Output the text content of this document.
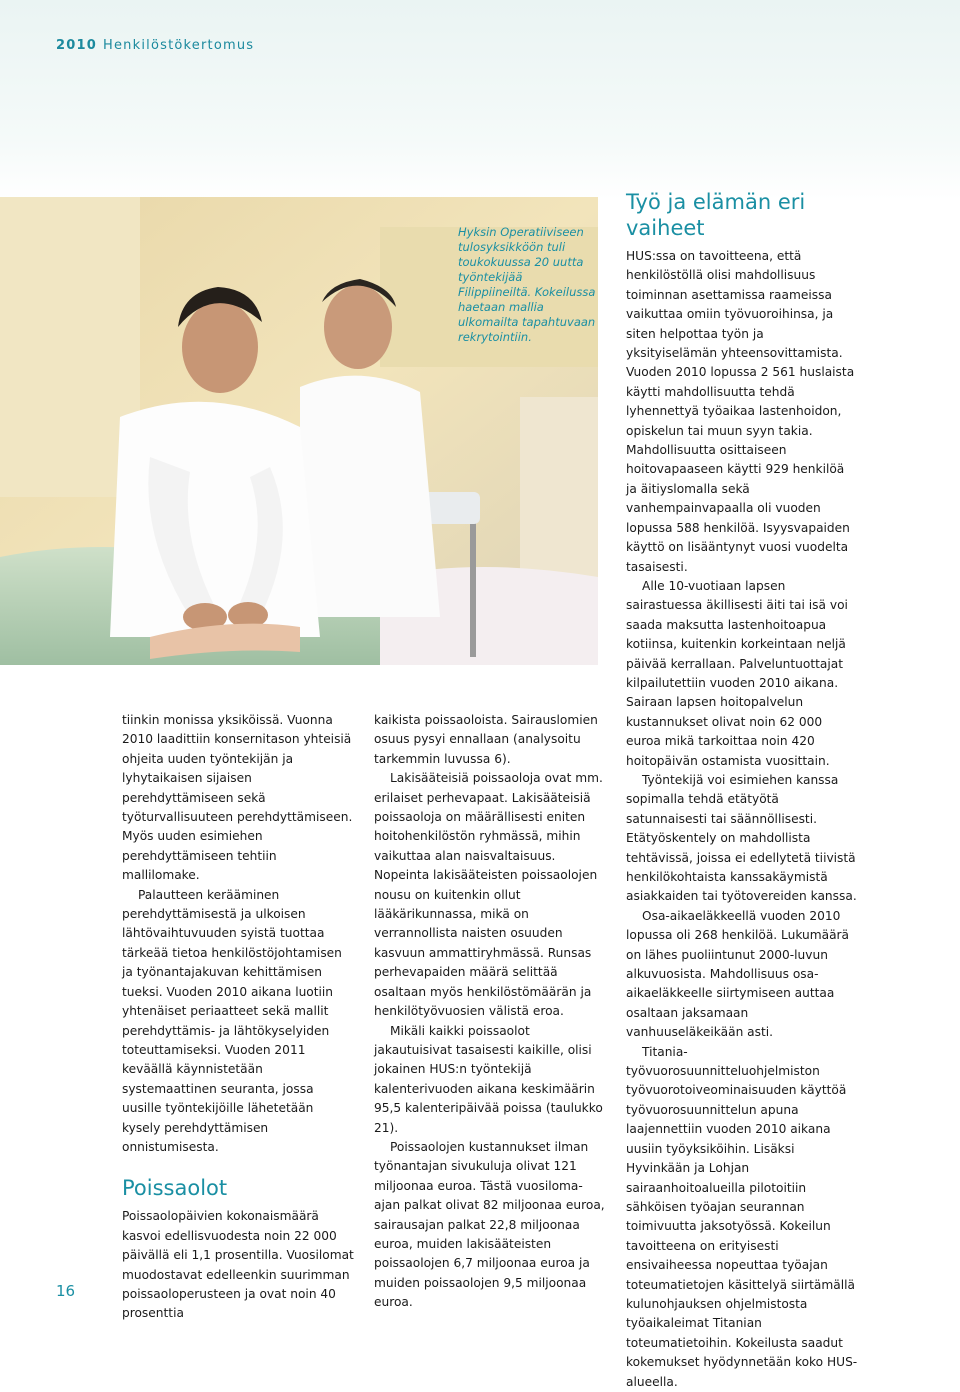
2010 Henkilöstökertomus
Hyksin Operatiiviseen tulosyksikköön tuli toukokuussa 20 uutta työntekijää Filippiineiltä. Kokeilussa haetaan mallia ulkomailta tapahtuvaan rekrytointiin.

tiinkin monissa yksiköissä. Vuonna 2010 laadittiin konsernitason yhteisiä ohjeita uuden työntekijän ja lyhytaikaisen sijaisen perehdyttämiseen sekä työturvallisuuteen perehdyttämiseen. Myös uuden esimiehen perehdyttämiseen tehtiin mallilomake.

Palautteen kerääminen perehdyttämisestä ja ulkoisen lähtövaihtuvuuden syistä tuottaa tärkeää tietoa henkilöstöjohtamisen ja työnantajakuvan kehittämisen tueksi. Vuoden 2010 aikana luotiin yhtenäiset periaatteet sekä mallit perehdyttämis- ja lähtökyselyiden toteuttamiseksi. Vuoden 2011 keväällä käynnistetään systemaattinen seuranta, jossa uusille työntekijöille lähetetään kysely perehdyttämisen onnistumisesta.

Poissaolot

Poissaolopäivien kokonaismäärä kasvoi edellisvuodesta noin 22 000 päivällä eli 1,1 prosentilla. Vuosilomat muodostavat edelleenkin suurimman poissaoloperusteen ja ovat noin 40 prosenttia

kaikista poissaoloista. Sairauslomien osuus pysyi ennallaan (analysoitu tarkemmin luvussa 6).

Lakisääteisiä poissaoloja ovat mm. erilaiset perhevapaat. Lakisääteisiä poissaoloja on määrällisesti eniten hoitohenkilöstön ryhmässä, mihin vaikuttaa alan naisvaltaisuus. Nopeinta lakisääteisten poissaolojen nousu on kuitenkin ollut lääkärikunnassa, mikä on verrannollista naisten osuuden kasvuun ammattiryhmässä. Runsas perhevapaiden määrä selittää osaltaan myös henkilöstömäärän ja henkilötyövuosien välistä eroa.

Mikäli kaikki poissaolot jakautuisivat tasaisesti kaikille, olisi jokainen HUS:n työntekijä kalenterivuoden aikana keskimäärin 95,5 kalenteripäivää poissa (taulukko 21).

Poissaolojen kustannukset ilman työnantajan sivukuluja olivat 121 miljoonaa euroa. Tästä vuosiloma-ajan palkat olivat 82 miljoonaa euroa, sairausajan palkat 22,8 miljoonaa euroa, muiden lakisääteisten poissaolojen 6,7 miljoonaa euroa ja muiden poissaolojen 9,5 miljoonaa euroa.

Työ ja elämän eri vaiheet

HUS:ssa on tavoitteena, että henkilöstöllä olisi mahdollisuus toiminnan asettamissa raameissa vaikuttaa omiin työvuoroihinsa, ja siten helpottaa työn ja yksityiselämän yhteensovittamista. Vuoden 2010 lopussa 2 561 huslaista käytti mahdollisuutta tehdä lyhennettyä työaikaa lastenhoidon, opiskelun tai muun syyn takia. Mahdollisuutta osittaiseen hoitovapaaseen käytti 929 henkilöä ja äitiyslomalla sekä vanhempainvapaalla oli vuoden lopussa 588 henkilöä. Isyysvapaiden käyttö on lisääntynyt vuosi vuodelta tasaisesti.

Alle 10-vuotiaan lapsen sairastuessa äkillisesti äiti tai isä voi saada maksutta lastenhoitoapua kotiinsa, kuitenkin korkeintaan neljä päivää kerrallaan. Palveluntuottajat kilpailutettiin vuoden 2010 aikana. Sairaan lapsen hoitopalvelun kustannukset olivat noin 62 000 euroa mikä tarkoittaa noin 420 hoitopäivän ostamista vuosittain.

Työntekijä voi esimiehen kanssa sopimalla tehdä etätyötä satunnaisesti tai säännöllisesti. Etätyöskentely on mahdollista tehtävissä, joissa ei edellytetä tiivistä henkilökohtaista kanssakäymistä asiakkaiden tai työtovereiden kanssa.

Osa-aikaeläkkeellä vuoden 2010 lopussa oli 268 henkilöä. Lukumäärä on lähes puoliintunut 2000-luvun alkuvuosista. Mahdollisuus osa-aikaeläkkeelle siirtymiseen auttaa osaltaan jaksamaan vanhuuseläkeikään asti.

Titania-työvuorosuunnitteluohjelmiston työvuorotoiveominaisuuden käyttöä työvuorosuunnittelun apuna laajennettiin vuoden 2010 aikana uusiin työyksiköihin. Lisäksi Hyvinkään ja Lohjan sairaanhoitoalueilla pilotoitiin sähköisen työajan seurannan toimivuutta jaksotyössä. Kokeilun tavoitteena on erityisesti ensivaiheessa nopeuttaa työajan toteumatietojen käsittelyä siirtämällä kulunohjauksen ohjelmistosta työaikaleimat Titanian toteumatietoihin. Kokeilusta saadut kokemukset hyödynnetään koko HUS-alueella.

16
